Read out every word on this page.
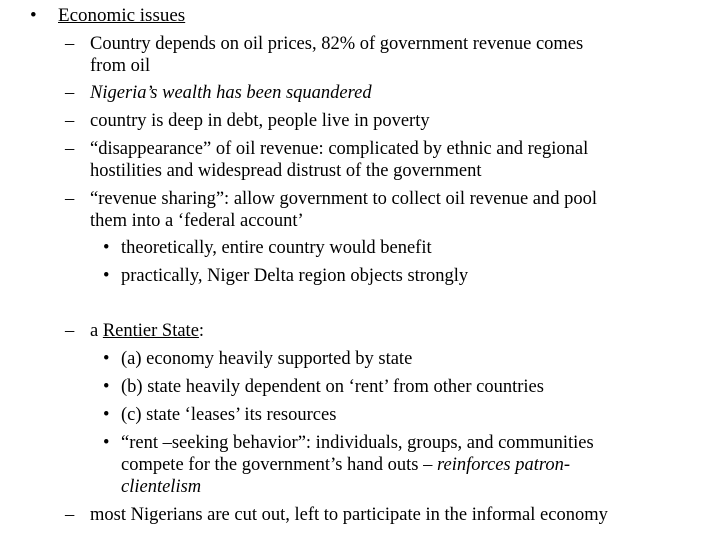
• Economic issues
– Country depends on oil prices, 82% of government revenue comes
from oil
– Nigeria’s wealth has been squandered
– country is deep in debt, people live in poverty
– “disappearance” of oil revenue: complicated by ethnic and regional
hostilities and widespread distrust of the government
– “revenue sharing”: allow government to collect oil revenue and pool
them into a ‘federal account’
• theoretically, entire country would benefit
• practically, Niger Delta region objects strongly
– a Rentier State:
• (a) economy heavily supported by state
• (b) state heavily dependent on ‘rent’ from other countries
• (c) state ‘leases’ its resources
• “rent –seeking behavior”: individuals, groups, and communities
compete for the government’s hand outs – reinforces patron-
clientelism
– most Nigerians are cut out, left to participate in the informal economy
